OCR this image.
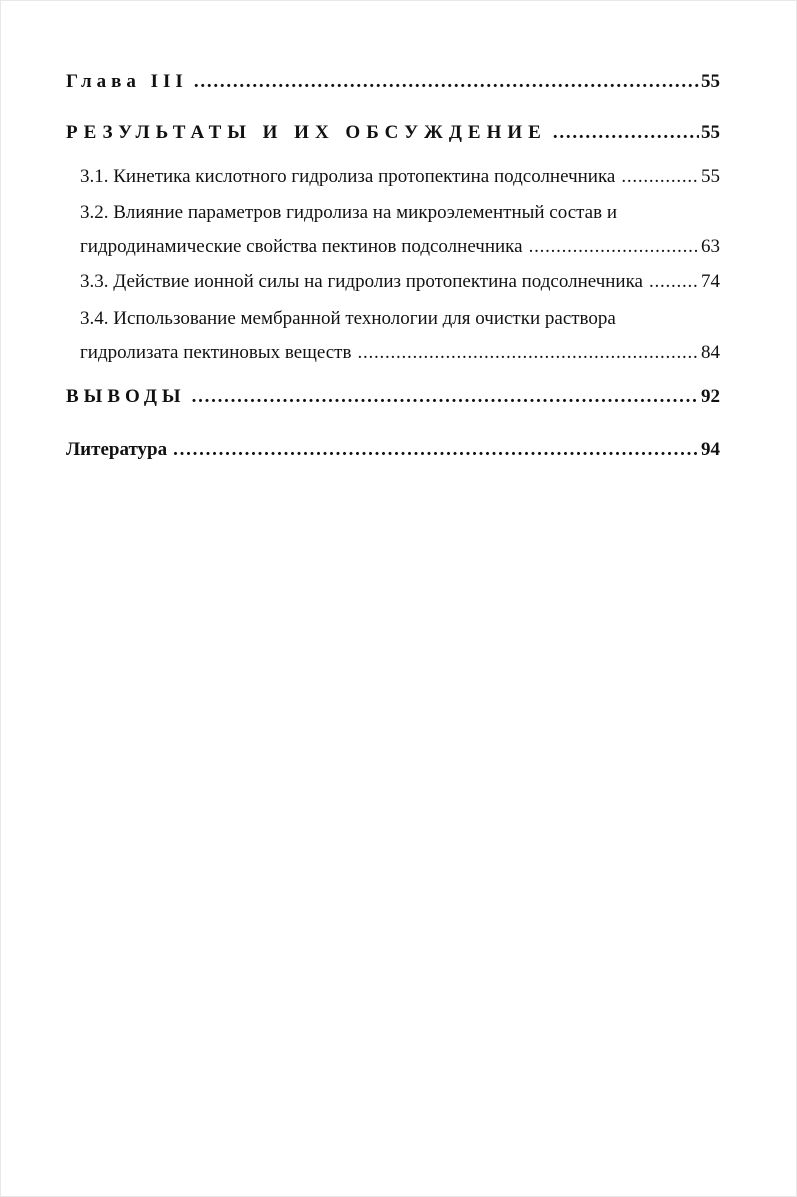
Глава III . . .	55
РЕЗУЛЬТАТЫ И ИХ ОБСУЖДЕНИЕ . . .	55
3.1. Кинетика кислотного гидролиза протопектина подсолнечника . . .	55
3.2. Влияние параметров гидролиза на микроэлементный состав и
гидродинамические свойства пектинов подсолнечника . . .	63
3.3. Действие ионной силы на гидролиз протопектина подсолнечника . . .	74
3.4. Использование мембранной технологии для очистки раствора
гидролизата пектиновых веществ . . .	84
ВЫВОДЫ . . .	92
Литература . . .	94
